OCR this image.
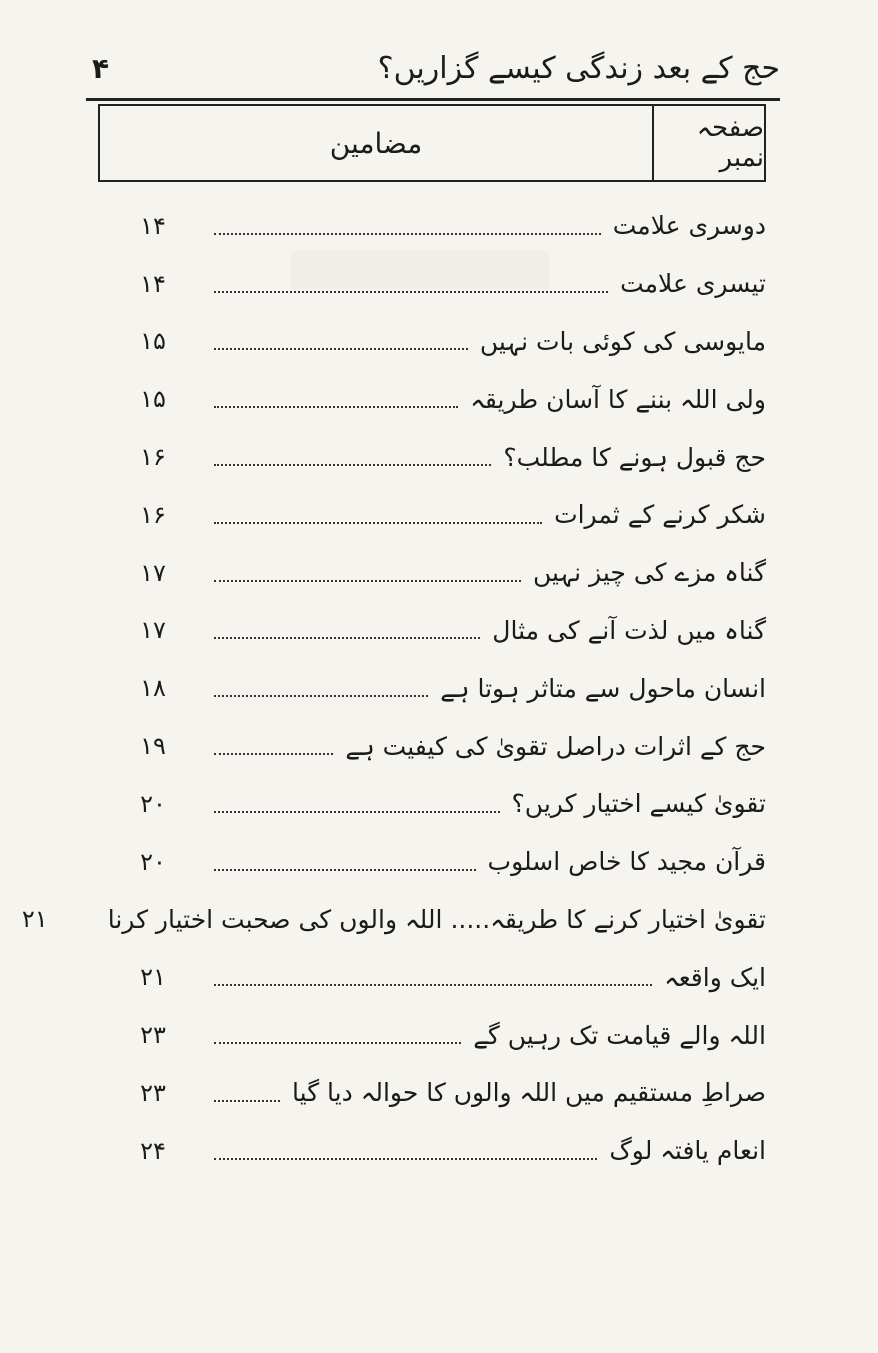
حج کے بعد زندگی کیسے گزاریں؟
۴
صفحہ نمبر
مضامین
دوسری علامت
۱۴
تیسری علامت
۱۴
مایوسی کی کوئی بات نہیں
۱۵
ولی اللہ بننے کا آسان طریقہ
۱۵
حج قبول ہونے کا مطلب؟
۱۶
شکر کرنے کے ثمرات
۱۶
گناہ مزے کی چیز نہیں
۱۷
گناہ میں لذت آنے کی مثال
۱۷
انسان ماحول سے متاثر ہوتا ہے
۱۸
حج کے اثرات دراصل تقویٰ کی کیفیت ہے
۱۹
تقویٰ کیسے اختیار کریں؟
۲۰
قرآن مجید کا خاص اسلوب
۲۰
تقویٰ اختیار کرنے کا طریقہ..... اللہ والوں کی صحبت اختیار کرنا
۲۱
ایک واقعہ
۲۱
اللہ والے قیامت تک رہیں گے
۲۳
صراطِ مستقیم میں اللہ والوں کا حوالہ دیا گیا
۲۳
انعام یافتہ لوگ
۲۴
